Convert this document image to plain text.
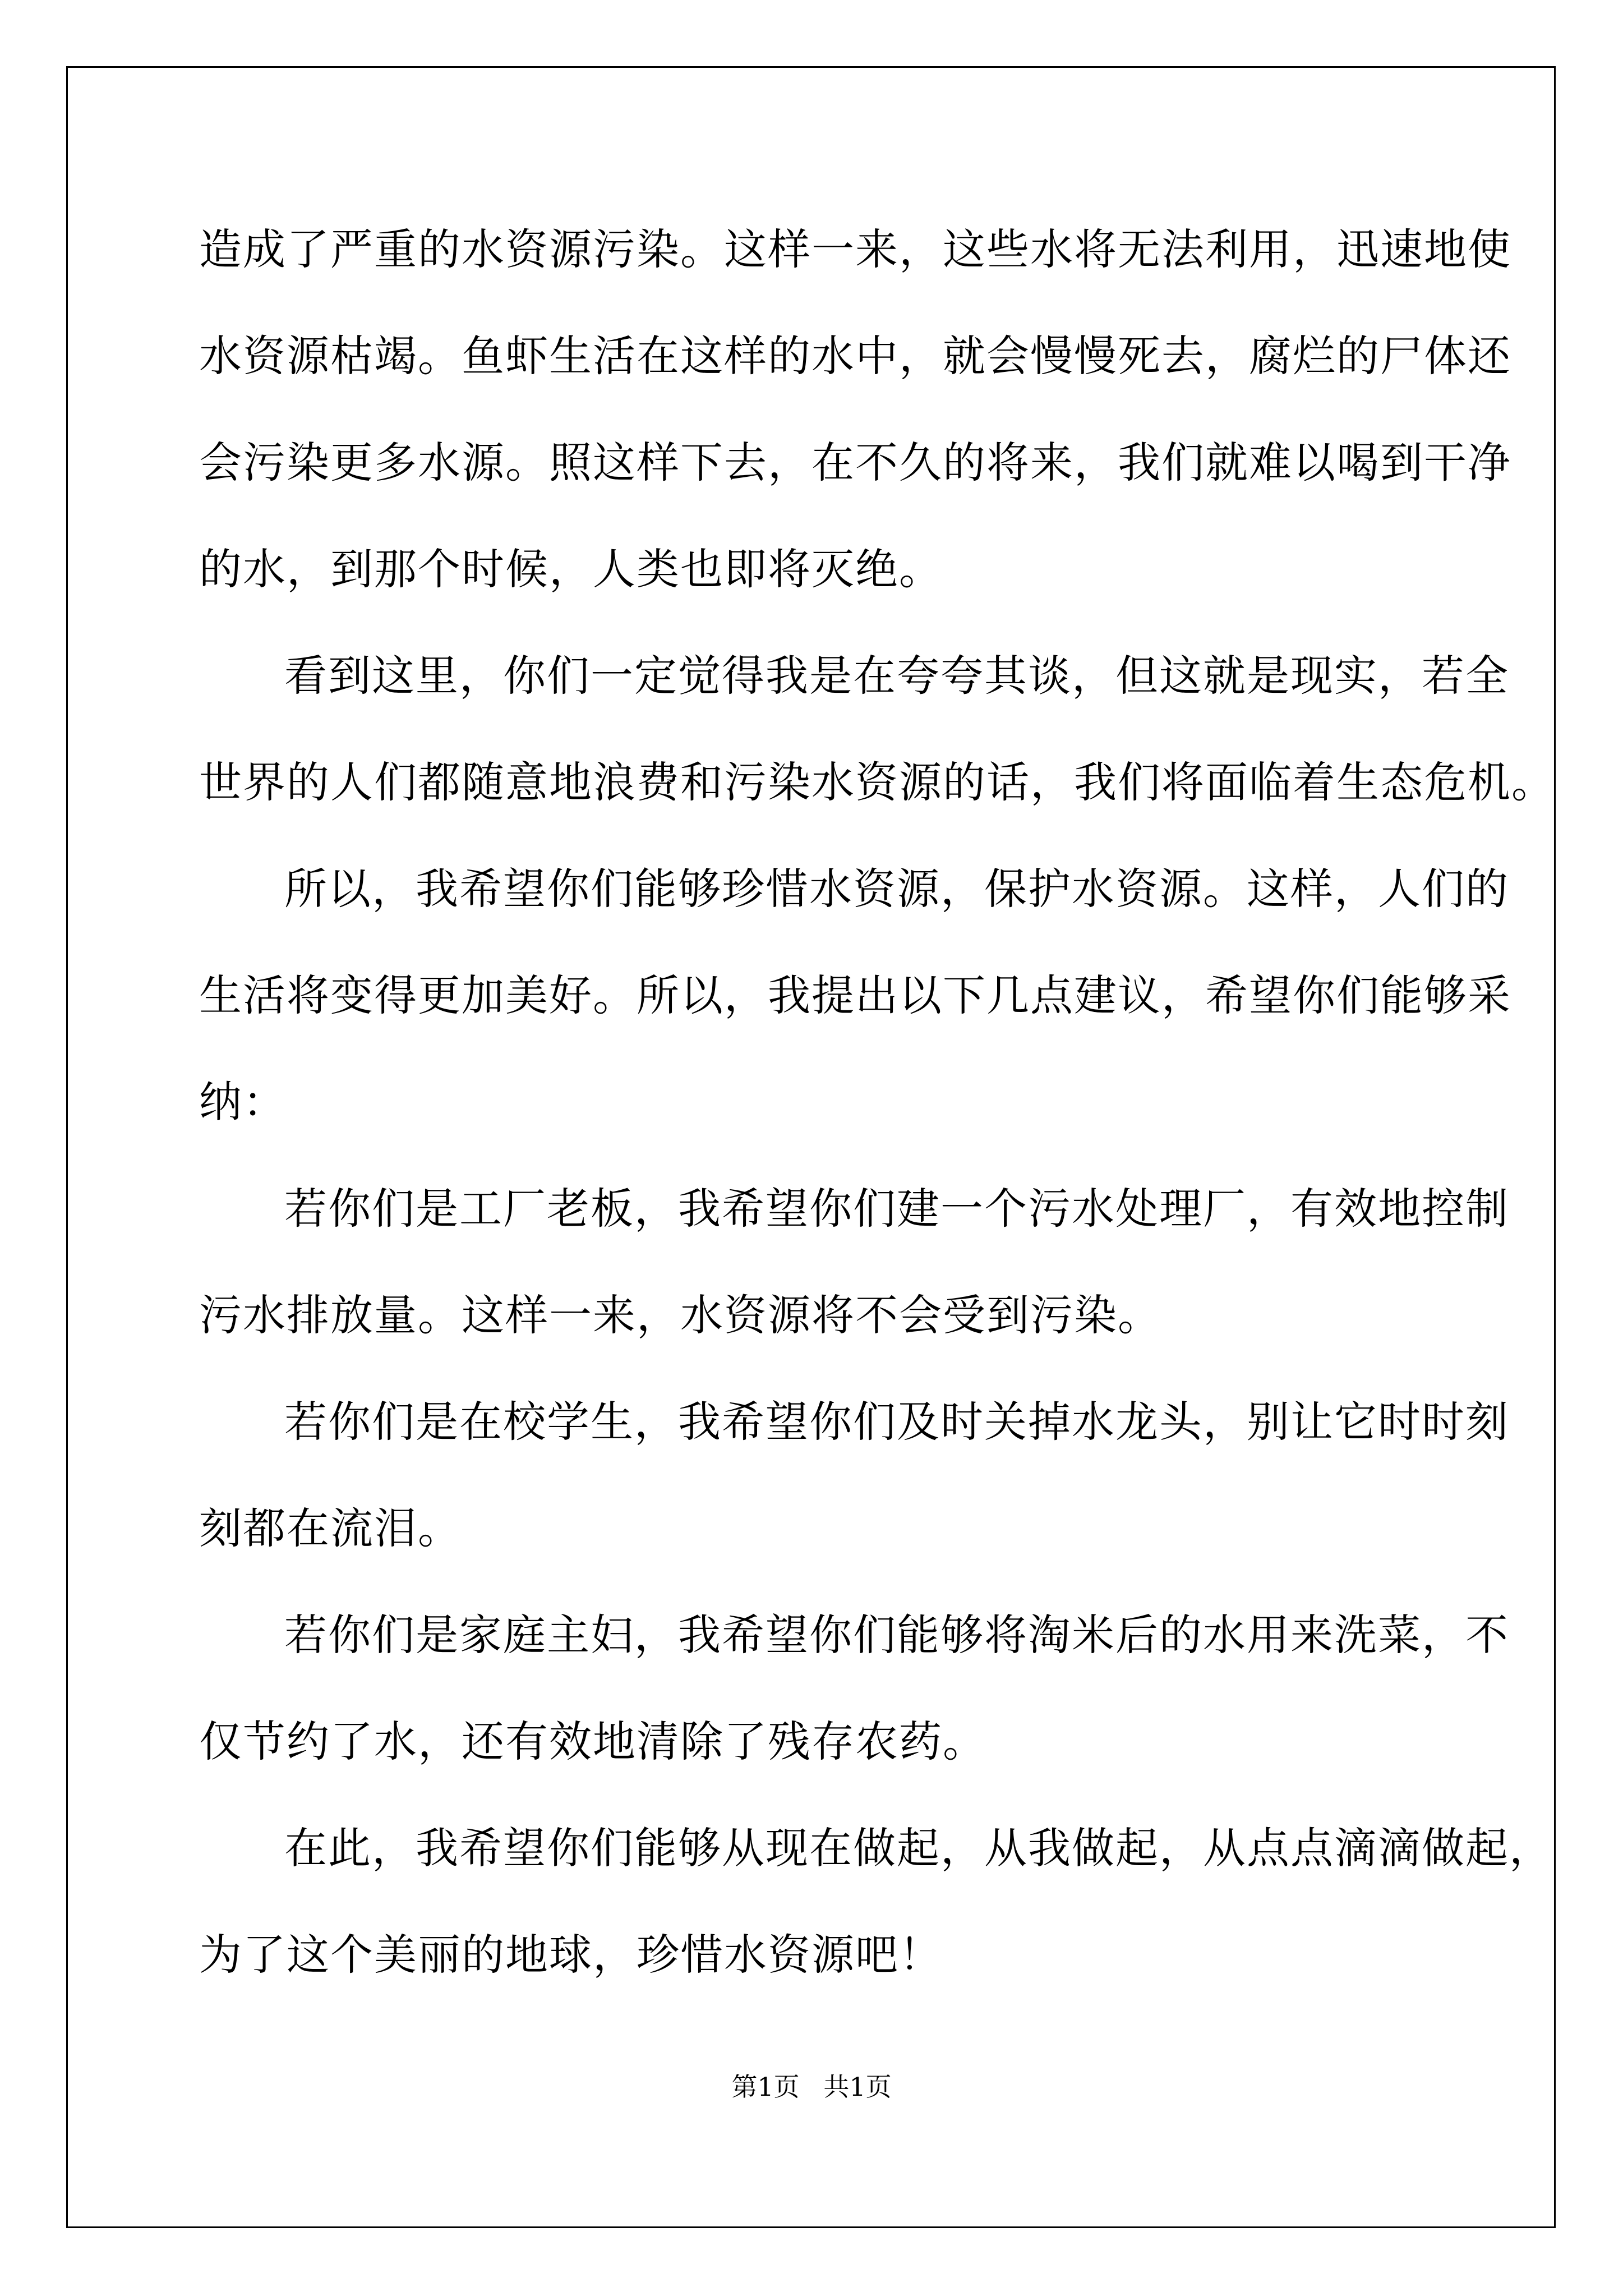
造成了严重的水资源污染。这样一来，这些水将无法利用，迅速地使

水资源枯竭。鱼虾生活在这样的水中，就会慢慢死去，腐烂的尸体还

会污染更多水源。照这样下去，在不久的将来，我们就难以喝到干净

的水，到那个时候，人类也即将灭绝。

看到这里，你们一定觉得我是在夸夸其谈，但这就是现实，若全

世界的人们都随意地浪费和污染水资源的话，我们将面临着生态危机。

所以，我希望你们能够珍惜水资源，保护水资源。这样，人们的

生活将变得更加美好。所以，我提出以下几点建议，希望你们能够采

纳：

若你们是工厂老板，我希望你们建一个污水处理厂，有效地控制

污水排放量。这样一来，水资源将不会受到污染。

若你们是在校学生，我希望你们及时关掉水龙头，别让它时时刻

刻都在流泪。

若你们是家庭主妇，我希望你们能够将淘米后的水用来洗菜，不

仅节约了水，还有效地清除了残存农药。

在此，我希望你们能够从现在做起，从我做起，从点点滴滴做起，

为了这个美丽的地球，珍惜水资源吧！

第1页 共1页
